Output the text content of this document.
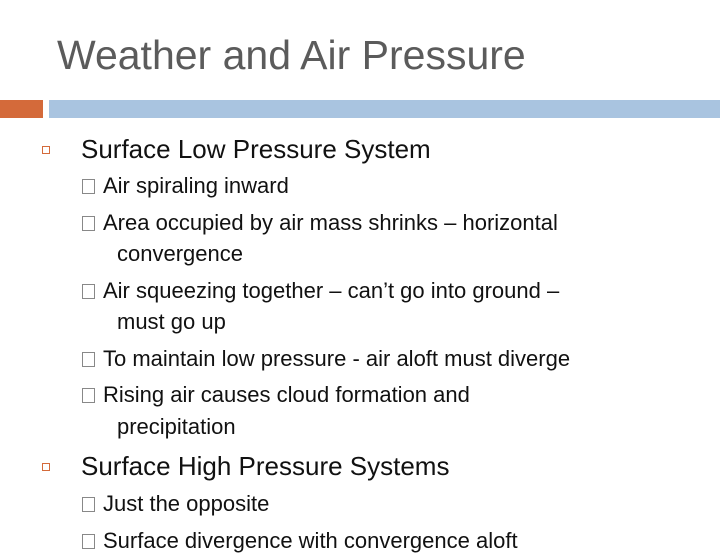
Weather and Air Pressure
Surface Low Pressure System
Air spiraling inward
Area occupied by air mass shrinks – horizontal
convergence
Air squeezing together – can’t go into ground –
must go up
To maintain low pressure - air aloft must diverge
Rising air causes cloud formation and
precipitation
Surface High Pressure Systems
Just the opposite
Surface divergence with convergence aloft
